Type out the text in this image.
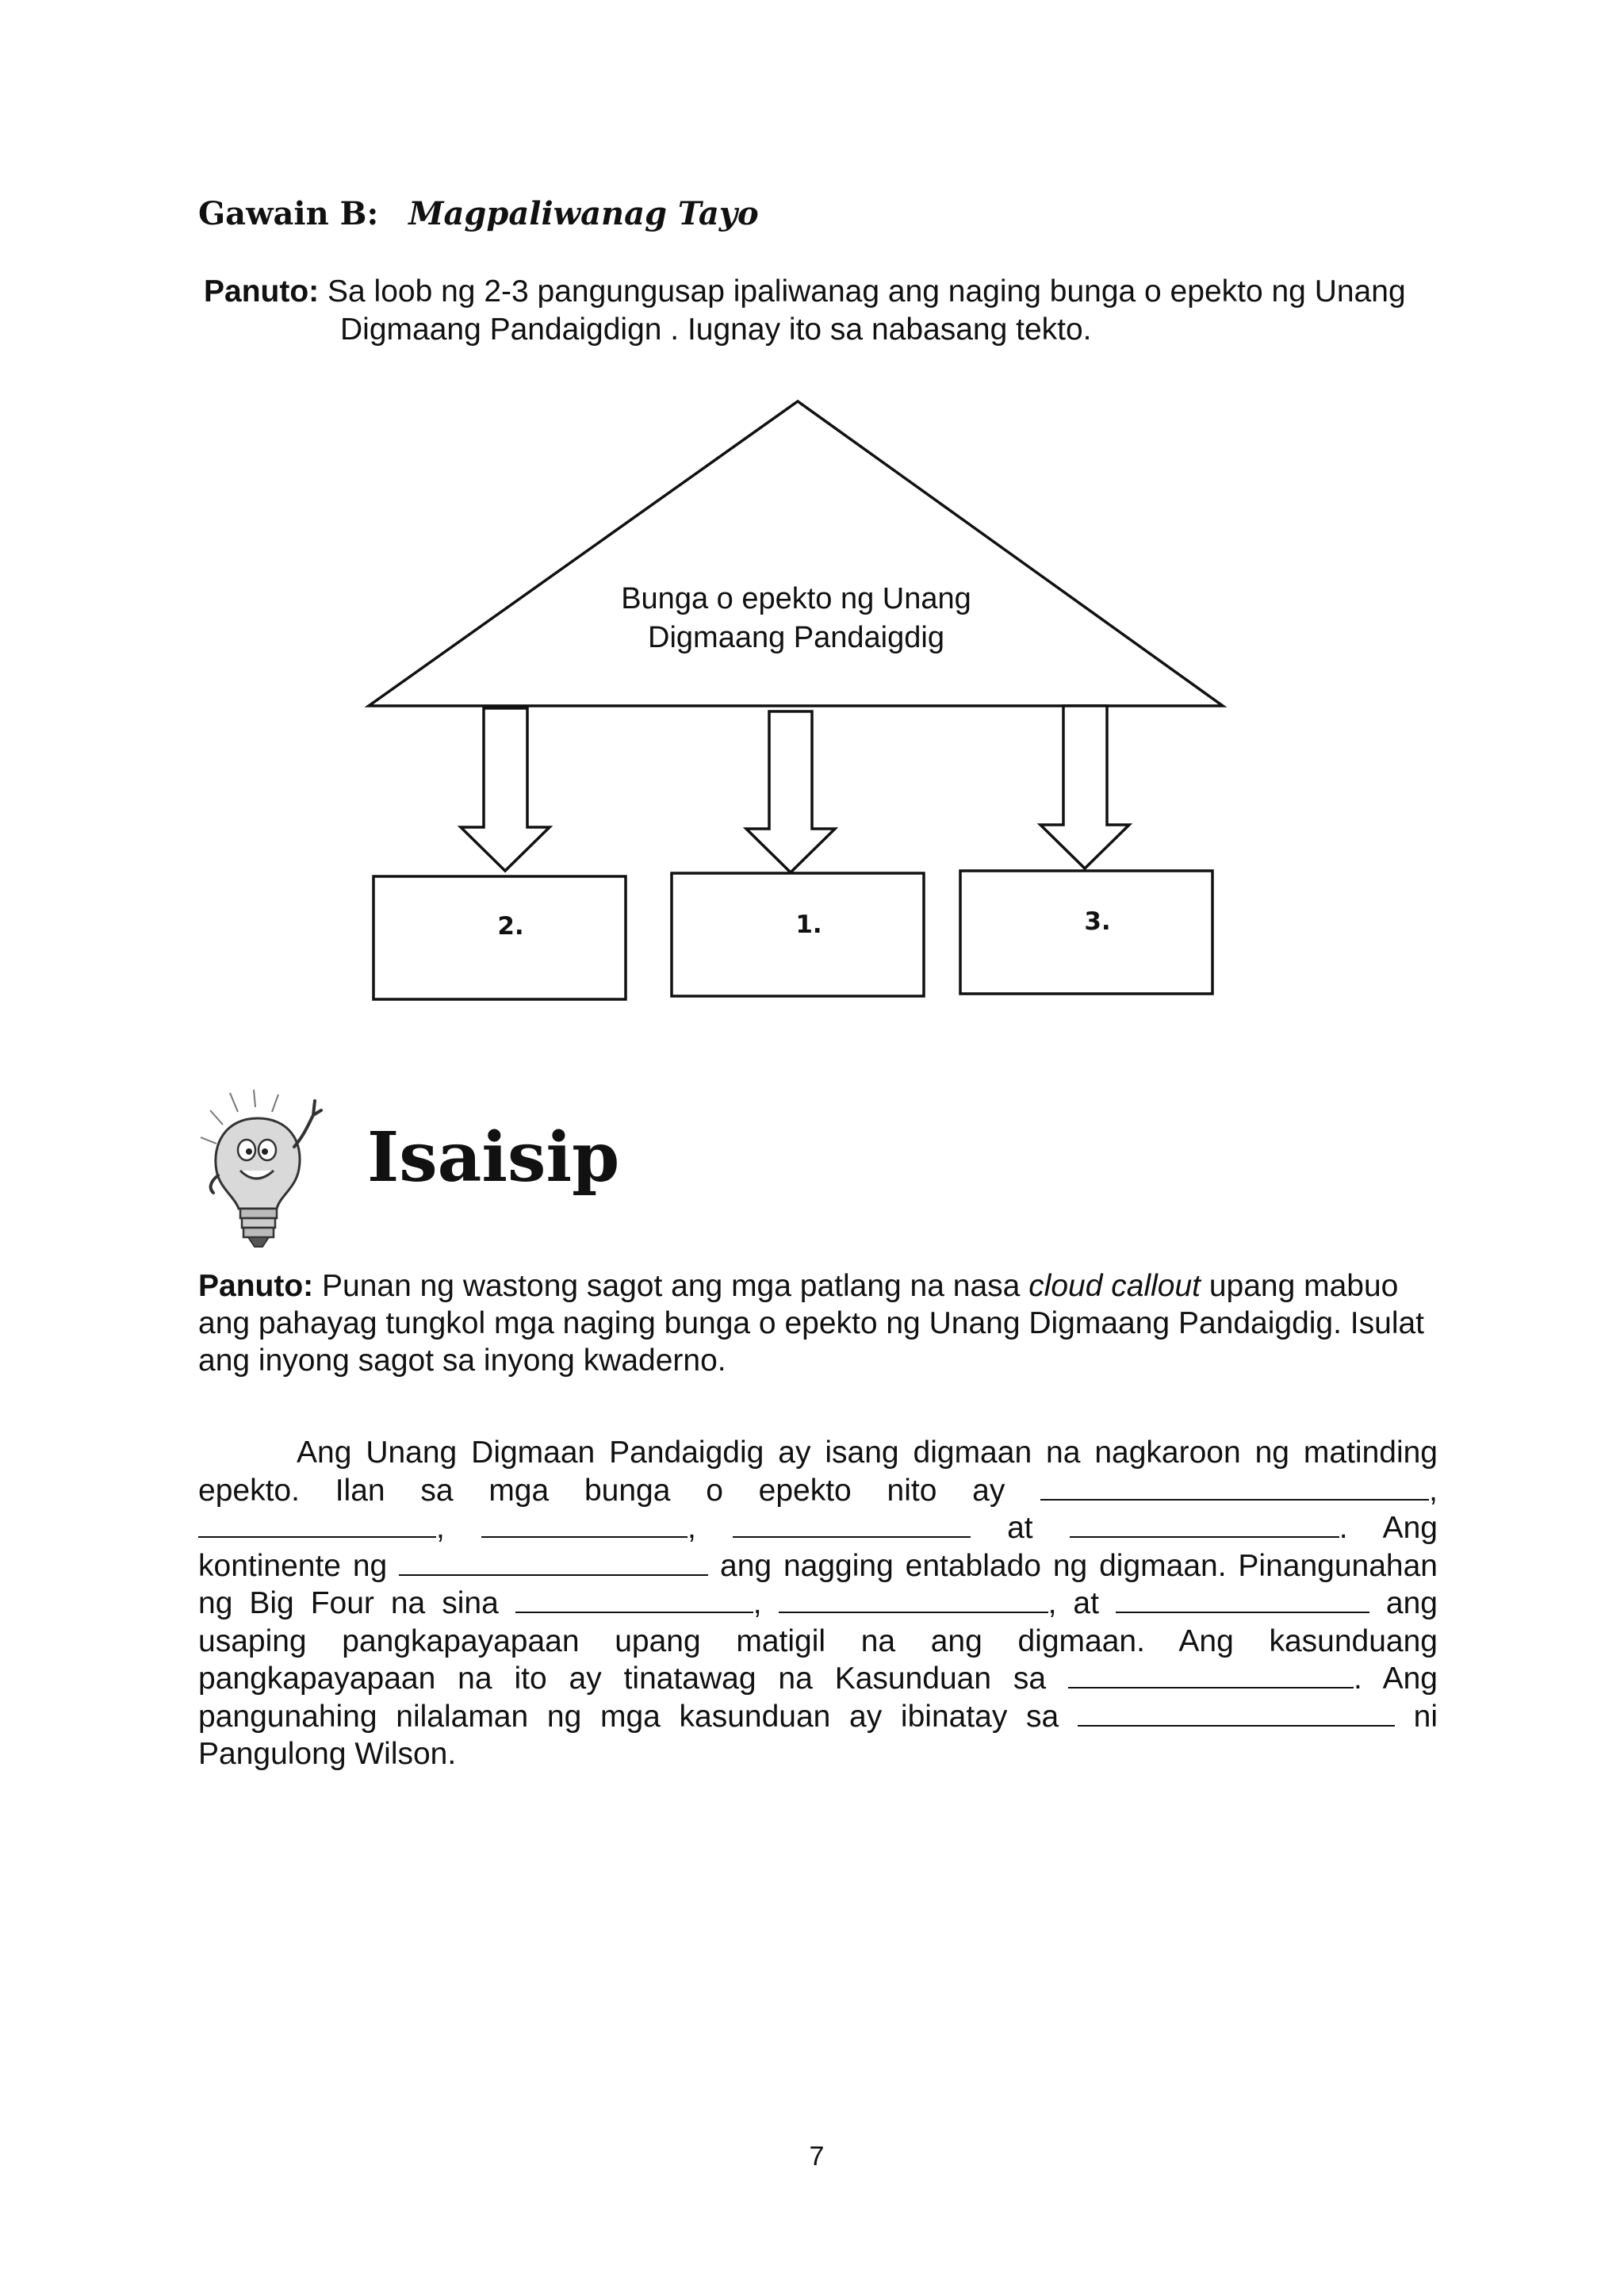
Gawain B: Magpaliwanag Tayo
Panuto: Sa loob ng 2-3 pangungusap ipaliwanag ang naging bunga o epekto ng Unang
Digmaang Pandaigdign . Iugnay ito sa nabasang tekto.
Bunga o epekto ng Unang
Digmaang Pandaigdig
2.	1.	3.
Isaisip
Panuto: Punan ng wastong sagot ang mga patlang na nasa cloud callout upang mabuo ang pahayag tungkol mga naging bunga o epekto ng Unang Digmaang Pandaigdig. Isulat ang inyong sagot sa inyong kwaderno.
Ang Unang Digmaan Pandaigdig ay isang digmaan na nagkaroon ng matinding epekto. Ilan sa mga bunga o epekto nito ay	, ,	,	at	. Ang kontinente ng	ang nagging entablado ng digmaan. Pinangunahan ng Big Four na sina	,	, at	ang usaping pangkapayapaan upang matigil na ang digmaan. Ang kasunduang pangkapayapaan na ito ay tinatawag na Kasunduan sa	. Ang pangunahing nilalaman ng mga kasunduan ay ibinatay sa	ni Pangulong Wilson.
7
